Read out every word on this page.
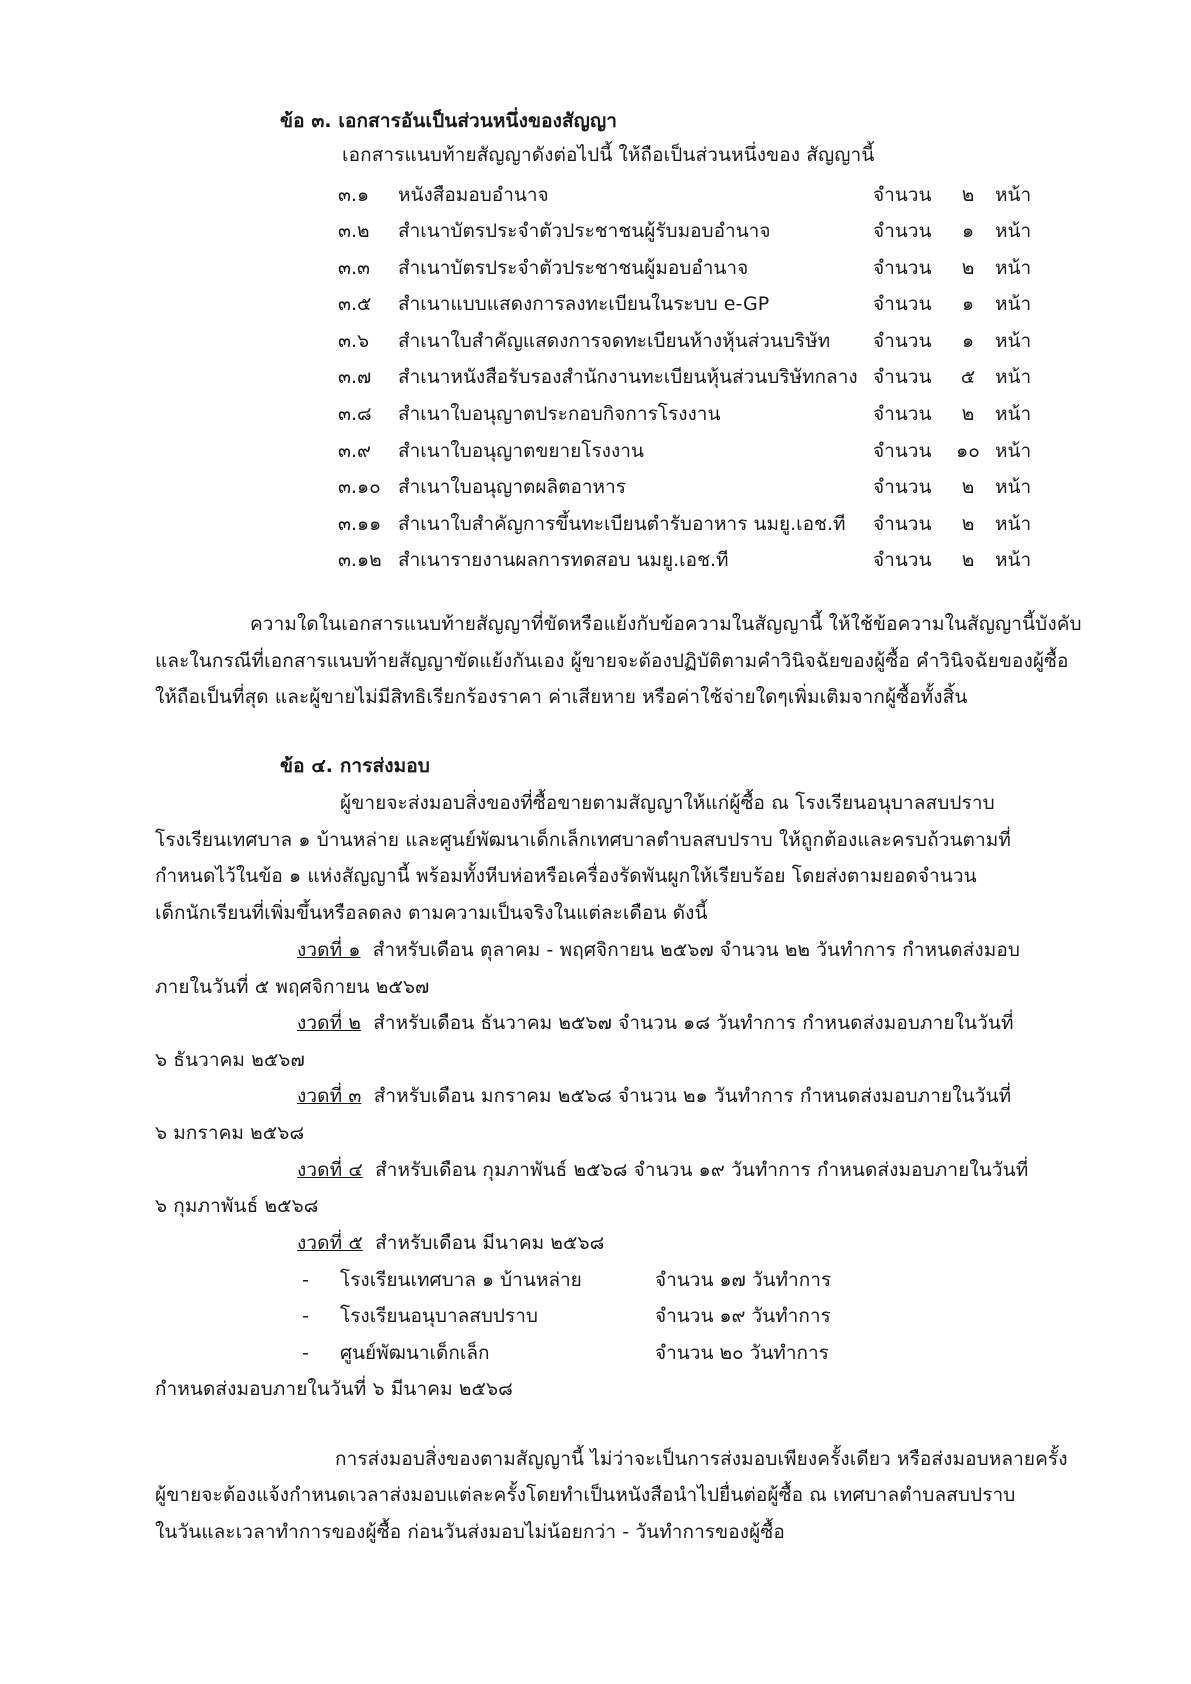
ข้อ ๓. เอกสารอันเป็นส่วนหนึ่งของสัญญา
เอกสารแนบท้ายสัญญาดังต่อไปนี้ ให้ถือเป็นส่วนหนึ่งของ สัญญานี้
๓.๑ หนังสือมอบอำนาจ	จำนวน	๒	หน้า
๓.๒ สำเนาบัตรประจำตัวประชาชนผู้รับมอบอำนาจ	จำนวน	๑	หน้า
๓.๓ สำเนาบัตรประจำตัวประชาชนผู้มอบอำนาจ	จำนวน	๒	หน้า
๓.๕ สำเนาแบบแสดงการลงทะเบียนในระบบ e-GP	จำนวน	๑	หน้า
๓.๖ สำเนาใบสำคัญแสดงการจดทะเบียนห้างหุ้นส่วนบริษัท จำนวน	๑	หน้า
๓.๗ สำเนาหนังสือรับรองสำนักงานทะเบียนหุ้นส่วนบริษัทกลาง จำนวน	๕	หน้า
๓.๘ สำเนาใบอนุญาตประกอบกิจการโรงงาน	จำนวน	๒	หน้า
๓.๙ สำเนาใบอนุญาตขยายโรงงาน	จำนวน	๑๐ หน้า
๓.๑๐ สำเนาใบอนุญาตผลิตอาหาร	จำนวน	๒	หน้า
๓.๑๑ สำเนาใบสำคัญการขึ้นทะเบียนตำรับอาหาร นมยู.เอช.ที จำนวน	๒	หน้า
๓.๑๒ สำเนารายงานผลการทดสอบ นมยู.เอช.ที	จำนวน	๒	หน้า
ความใดในเอกสารแนบท้ายสัญญาที่ขัดหรือแย้งกับข้อความในสัญญานี้ ให้ใช้ข้อความในสัญญานี้บังคับ
และในกรณีที่เอกสารแนบท้ายสัญญาขัดแย้งกันเอง ผู้ขายจะต้องปฏิบัติตามคำวินิจฉัยของผู้ซื้อ คำวินิจฉัยของผู้ซื้อ
ให้ถือเป็นที่สุด และผู้ขายไม่มีสิทธิเรียกร้องราคา ค่าเสียหาย หรือค่าใช้จ่ายใดๆเพิ่มเติมจากผู้ซื้อทั้งสิ้น
ข้อ ๔. การส่งมอบ
ผู้ขายจะส่งมอบสิ่งของที่ซื้อขายตามสัญญาให้แก่ผู้ซื้อ ณ โรงเรียนอนุบาลสบปราบ
โรงเรียนเทศบาล ๑ บ้านหล่าย และศูนย์พัฒนาเด็กเล็กเทศบาลตำบลสบปราบ ให้ถูกต้องและครบถ้วนตามที่
กำหนดไว้ในข้อ ๑ แห่งสัญญานี้ พร้อมทั้งหีบห่อหรือเครื่องรัดพันผูกให้เรียบร้อย โดยส่งตามยอดจำนวน
เด็กนักเรียนที่เพิ่มขึ้นหรือลดลง ตามความเป็นจริงในแต่ละเดือน ดังนี้
งวดที่ ๑ สำหรับเดือน ตุลาคม - พฤศจิกายน ๒๕๖๗ จำนวน ๒๒ วันทำการ กำหนดส่งมอบ
ภายในวันที่ ๕ พฤศจิกายน ๒๕๖๗
งวดที่ ๒ สำหรับเดือน ธันวาคม ๒๕๖๗ จำนวน ๑๘ วันทำการ กำหนดส่งมอบภายในวันที่
๖ ธันวาคม ๒๕๖๗
งวดที่ ๓ สำหรับเดือน มกราคม ๒๕๖๘ จำนวน ๒๑ วันทำการ กำหนดส่งมอบภายในวันที่
๖ มกราคม ๒๕๖๘
งวดที่ ๔ สำหรับเดือน กุมภาพันธ์ ๒๕๖๘ จำนวน ๑๙ วันทำการ กำหนดส่งมอบภายในวันที่
๖ กุมภาพันธ์ ๒๕๖๘
งวดที่ ๕ สำหรับเดือน มีนาคม ๒๕๖๘
- โรงเรียนเทศบาล ๑ บ้านหล่าย	จำนวน ๑๗ วันทำการ
- โรงเรียนอนุบาลสบปราบ	จำนวน ๑๙ วันทำการ
- ศูนย์พัฒนาเด็กเล็ก	จำนวน ๒๐ วันทำการ
กำหนดส่งมอบภายในวันที่ ๖ มีนาคม ๒๕๖๘
การส่งมอบสิ่งของตามสัญญานี้ ไม่ว่าจะเป็นการส่งมอบเพียงครั้งเดียว หรือส่งมอบหลายครั้ง
ผู้ขายจะต้องแจ้งกำหนดเวลาส่งมอบแต่ละครั้งโดยทำเป็นหนังสือนำไปยื่นต่อผู้ซื้อ ณ เทศบาลตำบลสบปราบ
ในวันและเวลาทำการของผู้ซื้อ ก่อนวันส่งมอบไม่น้อยกว่า - วันทำการของผู้ซื้อ
